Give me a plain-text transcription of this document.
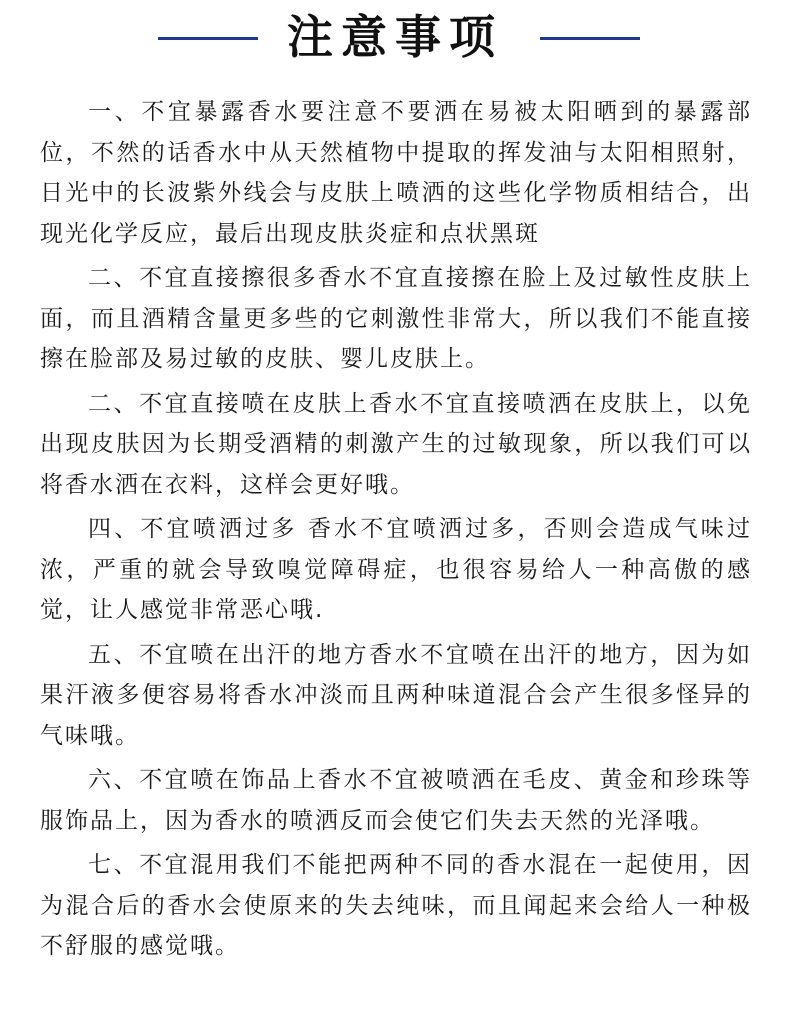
注意事项

一、不宜暴露香水要注意不要洒在易被太阳晒到的暴露部位，不然的话香水中从天然植物中提取的挥发油与太阳相照射，日光中的长波紫外线会与皮肤上喷洒的这些化学物质相结合，出现光化学反应，最后出现皮肤炎症和点状黑斑

二、不宜直接擦很多香水不宜直接擦在脸上及过敏性皮肤上面，而且酒精含量更多些的它刺激性非常大，所以我们不能直接擦在脸部及易过敏的皮肤、婴儿皮肤上。

二、不宜直接喷在皮肤上香水不宜直接喷洒在皮肤上，以免出现皮肤因为长期受酒精的刺激产生的过敏现象，所以我们可以将香水洒在衣料，这样会更好哦。

四、不宜喷洒过多 香水不宜喷洒过多，否则会造成气味过浓，严重的就会导致嗅觉障碍症，也很容易给人一种高傲的感觉，让人感觉非常恶心哦.

五、不宜喷在出汗的地方香水不宜喷在出汗的地方，因为如果汗液多便容易将香水冲淡而且两种味道混合会产生很多怪异的气味哦。

六、不宜喷在饰品上香水不宜被喷洒在毛皮、黄金和珍珠等服饰品上，因为香水的喷洒反而会使它们失去天然的光泽哦。

七、不宜混用我们不能把两种不同的香水混在一起使用，因为混合后的香水会使原来的失去纯味，而且闻起来会给人一种极不舒服的感觉哦。
